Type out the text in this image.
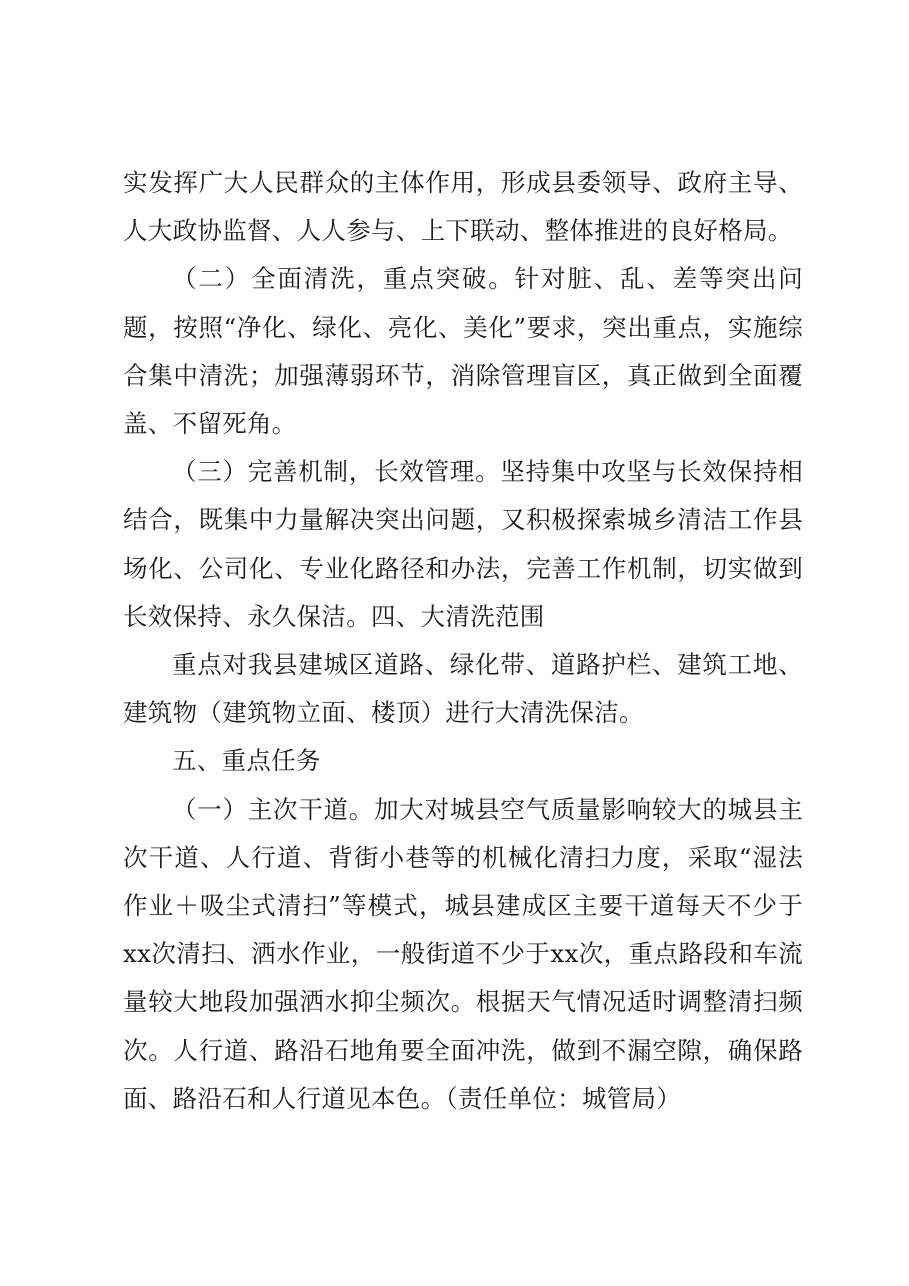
实发挥广大人民群众的主体作用，形成县委领导、政府主导、人大政协监督、人人参与、上下联动、整体推进的良好格局。

（二）全面清洗，重点突破。针对脏、乱、差等突出问题，按照“净化、绿化、亮化、美化”要求，突出重点，实施综合集中清洗；加强薄弱环节，消除管理盲区，真正做到全面覆盖、不留死角。

（三）完善机制，长效管理。坚持集中攻坚与长效保持相结合，既集中力量解决突出问题，又积极探索城乡清洁工作县场化、公司化、专业化路径和办法，完善工作机制，切实做到长效保持、永久保洁。四、大清洗范围

重点对我县建城区道路、绿化带、道路护栏、建筑工地、建筑物（建筑物立面、楼顶）进行大清洗保洁。

五、重点任务

（一）主次干道。加大对城县空气质量影响较大的城县主次干道、人行道、背街小巷等的机械化清扫力度，采取“湿法作业＋吸尘式清扫”等模式，城县建成区主要干道每天不少于xx次清扫、洒水作业，一般街道不少于xx次，重点路段和车流量较大地段加强洒水抑尘频次。根据天气情况适时调整清扫频次。人行道、路沿石地角要全面冲洗，做到不漏空隙，确保路面、路沿石和人行道见本色。（责任单位：城管局）
